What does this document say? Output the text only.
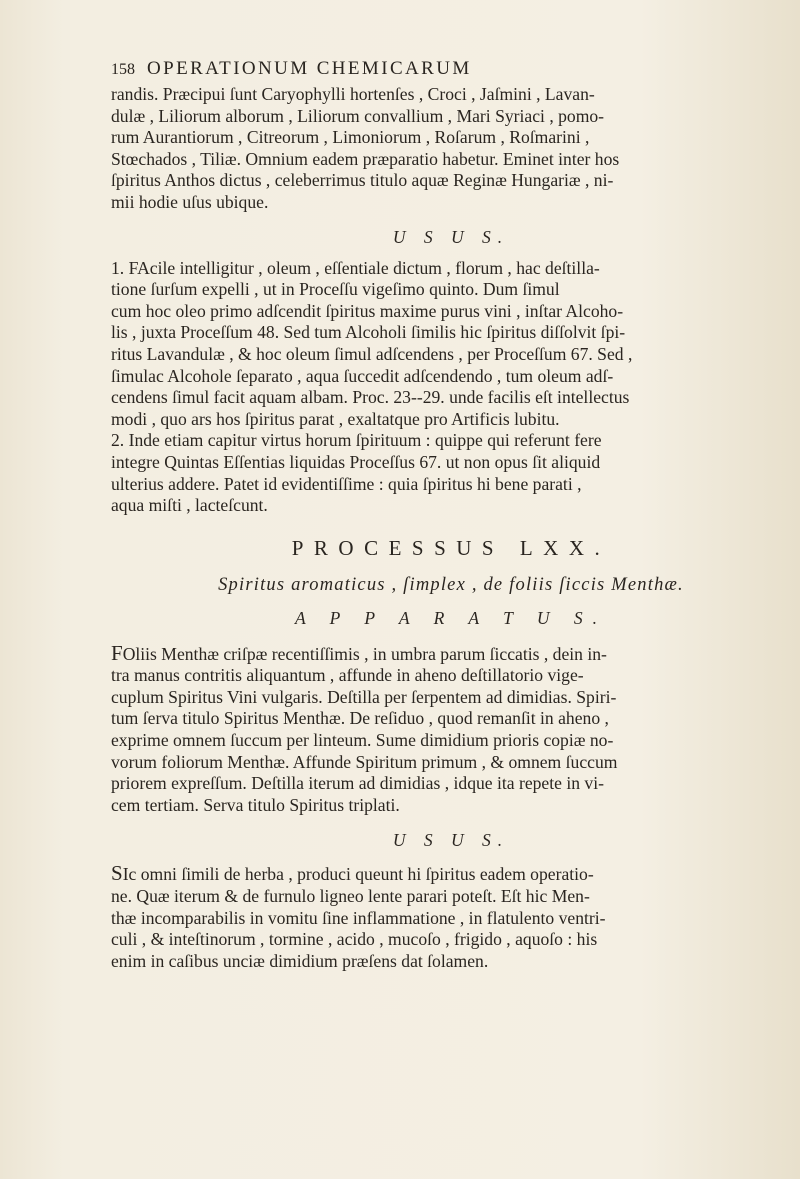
158 OPERATIONUM CHEMICARUM

randis. Præcipui ſunt Caryophylli hortenſes , Croci , Jaſmini , Lavan-
dulæ , Liliorum alborum , Liliorum convallium , Mari Syriaci , pomo-
rum Aurantiorum , Citreorum , Limoniorum , Roſarum , Roſmarini ,
Stœchados , Tiliæ. Omnium eadem præparatio habetur. Eminet inter hos
ſpiritus Anthos dictus , celeberrimus titulo aquæ Reginæ Hungariæ , ni-
mii hodie uſus ubique.

U S U S.

1. FAcile intelligitur , oleum , eſſentiale dictum , florum , hac deſtilla-
tione ſurſum expelli , ut in Proceſſu vigeſimo quinto. Dum ſimul
cum hoc oleo primo adſcendit ſpiritus maxime purus vini , inſtar Alcoho-
lis , juxta Proceſſum 48. Sed tum Alcoholi ſimilis hic ſpiritus diſſolvit ſpi-
ritus Lavandulæ , & hoc oleum ſimul adſcendens , per Proceſſum 67. Sed ,
ſimulac Alcohole ſeparato , aqua ſuccedit adſcendendo , tum oleum adſ-
cendens ſimul facit aquam albam. Proc. 23--29. unde facilis eſt intellectus
modi , quo ars hos ſpiritus parat , exaltatque pro Artificis lubitu.
2. Inde etiam capitur virtus horum ſpirituum : quippe qui referunt fere
integre Quintas Eſſentias liquidas Proceſſus 67. ut non opus ſit aliquid
ulterius addere. Patet id evidentiſſime : quia ſpiritus hi bene parati ,
aqua miſti , lacteſcunt.

PROCESSUS LXX.

Spiritus aromaticus , ſimplex , de foliis ſiccis Menthæ.

A P P A R A T U S.

FOliis Menthæ criſpæ recentiſſimis , in umbra parum ſiccatis , dein in-
tra manus contritis aliquantum , affunde in aheno deſtillatorio vige-
cuplum Spiritus Vini vulgaris. Deſtilla per ſerpentem ad dimidias. Spiri-
tum ſerva titulo Spiritus Menthæ. De reſiduo , quod remanſit in aheno ,
exprime omnem ſuccum per linteum. Sume dimidium prioris copiæ no-
vorum foliorum Menthæ. Affunde Spiritum primum , & omnem ſuccum
priorem expreſſum. Deſtilla iterum ad dimidias , idque ita repete in vi-
cem tertiam. Serva titulo Spiritus triplati.

U S U S.

SIc omni ſimili de herba , produci queunt hi ſpiritus eadem operatio-
ne. Quæ iterum & de furnulo ligneo lente parari poteſt. Eſt hic Men-
thæ incomparabilis in vomitu ſine inflammatione , in flatulento ventri-
culi , & inteſtinorum , tormine , acido , mucoſo , frigido , aquoſo : his
enim in caſibus unciæ dimidium præſens dat ſolamen.
